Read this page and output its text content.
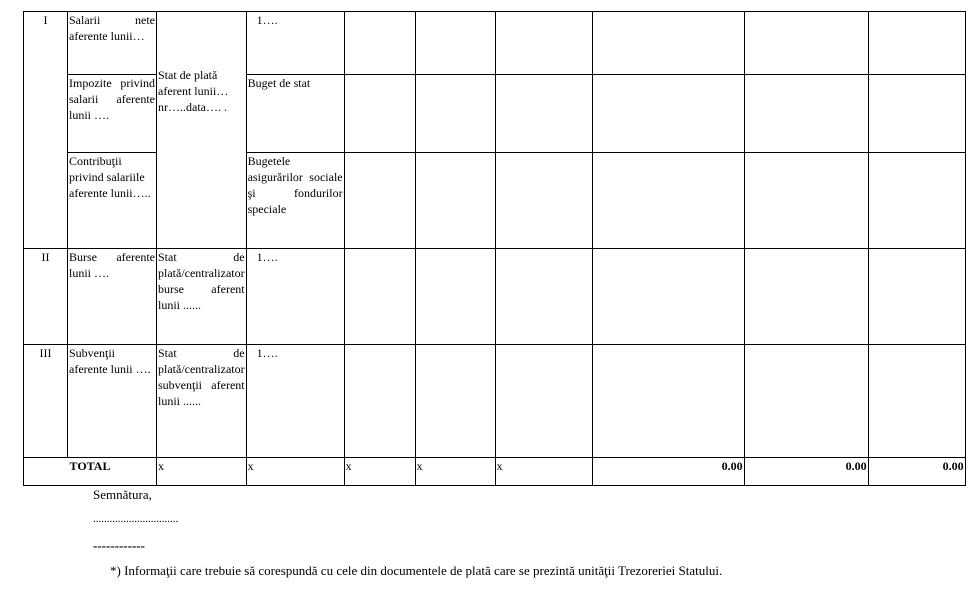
I	Salarii nete aferente lunii…	Stat de plată aferent lunii… nr…..data…. .	1….						
	Impozite privind salarii aferente lunii ….		Buget de stat						
	Contribuţii privind salariile aferente lunii…..		Bugetele asigurărilor sociale şi fondurilor speciale						
II	Burse aferente lunii ….	Stat de plată/centralizator burse aferent lunii ......	1….						
III	Subvenţii aferente lunii ….	Stat de plată/centralizator subvenţii aferent lunii ......	1….						
TOTAL		x	x	x	x	x	0.00	0.00	0.00
Semnătura,
...............................
------------
*) Informaţii care trebuie să corespundă cu cele din documentele de plată care se prezintă unităţii Trezoreriei Statului.
